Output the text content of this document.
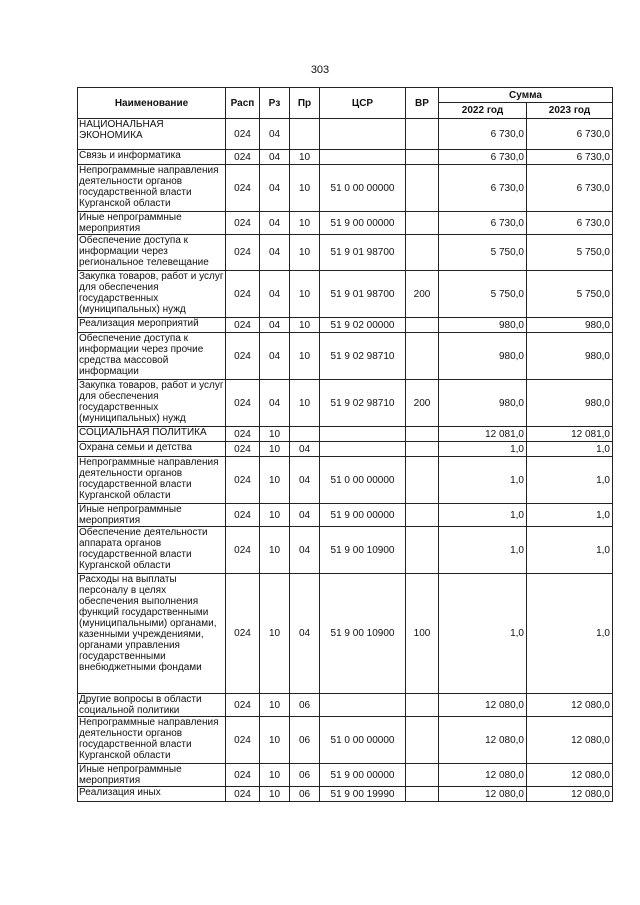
303
Наименование	Расп	Рз	Пр	ЦСР	ВР	Сумма	
						2022 год	2023 год
НАЦИОНАЛЬНАЯ ЭКОНОМИКА	024	04				6 730,0	6 730,0
Связь и информатика	024	04	10			6 730,0	6 730,0
Непрограммные направления деятельности органов государственной власти Курганской области	024	04	10	51 0 00 00000		6 730,0	6 730,0
Иные непрограммные мероприятия	024	04	10	51 9 00 00000		6 730,0	6 730,0
Обеспечение доступа к информации через региональное телевещание	024	04	10	51 9 01 98700		5 750,0	5 750,0
Закупка товаров, работ и услуг для обеспечения государственных (муниципальных) нужд	024	04	10	51 9 01 98700	200	5 750,0	5 750,0
Реализация мероприятий	024	04	10	51 9 02 00000		980,0	980,0
Обеспечение доступа к информации через прочие средства массовой информации	024	04	10	51 9 02 98710		980,0	980,0
Закупка товаров, работ и услуг для обеспечения государственных (муниципальных) нужд	024	04	10	51 9 02 98710	200	980,0	980,0
СОЦИАЛЬНАЯ ПОЛИТИКА	024	10				12 081,0	12 081,0
Охрана семьи и детства	024	10	04			1,0	1,0
Непрограммные направления деятельности органов государственной власти Курганской области	024	10	04	51 0 00 00000		1,0	1,0
Иные непрограммные мероприятия	024	10	04	51 9 00 00000		1,0	1,0
Обеспечение деятельности аппарата органов государственной власти Курганской области	024	10	04	51 9 00 10900		1,0	1,0
Расходы на выплаты персоналу в целях обеспечения выполнения функций государственными (муниципальными) органами, казенными учреждениями, органами управления государственными внебюджетными фондами	024	10	04	51 9 00 10900	100	1,0	1,0
Другие вопросы в области социальной политики	024	10	06			12 080,0	12 080,0
Непрограммные направления деятельности органов государственной власти Курганской области	024	10	06	51 0 00 00000		12 080,0	12 080,0
Иные непрограммные мероприятия	024	10	06	51 9 00 00000		12 080,0	12 080,0
Реализация иных	024	10	06	51 9 00 19990		12 080,0	12 080,0
